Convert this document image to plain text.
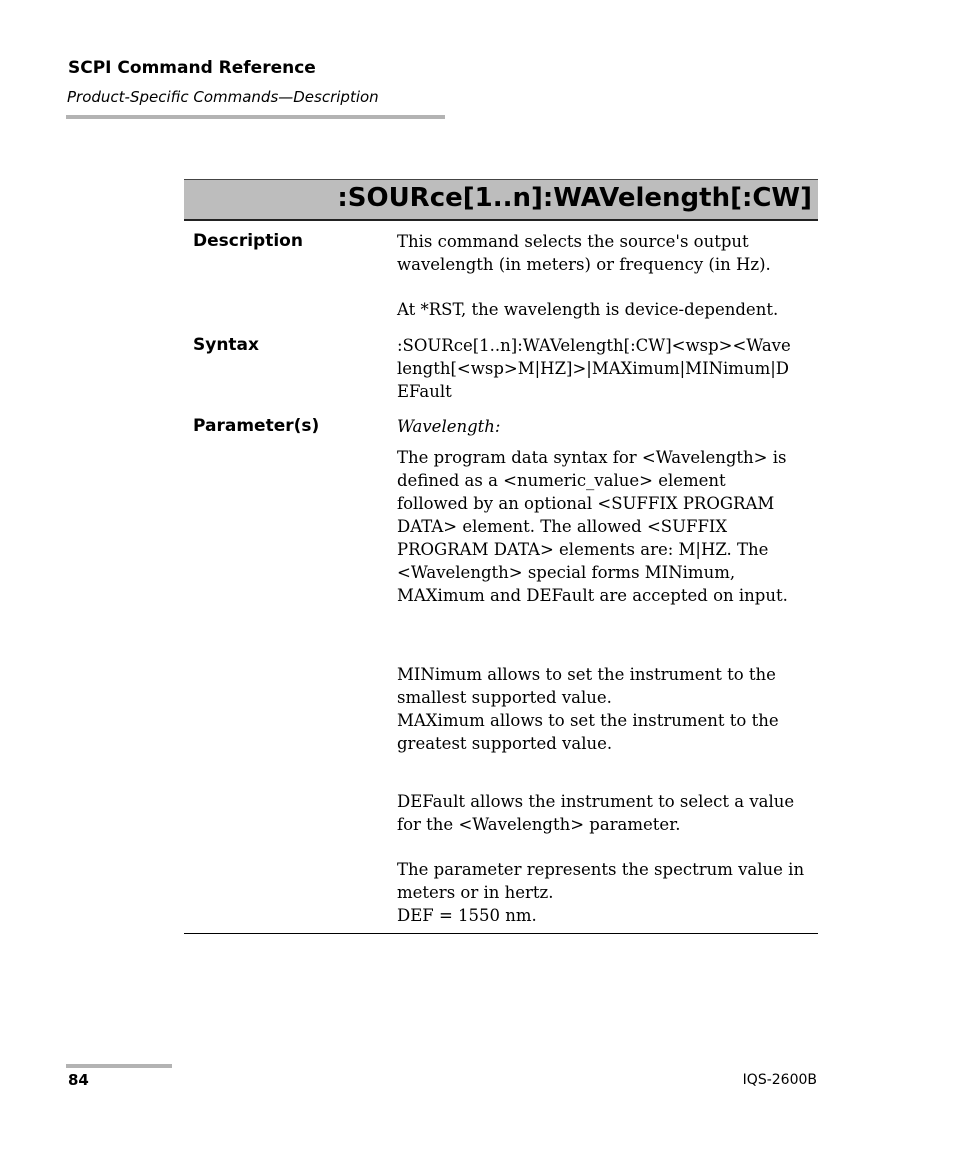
SCPI Command Reference
Product-Specific Commands—Description
:SOURce[1..n]:WAVelength[:CW]
Description	This command selects the source's output wavelength (in meters) or frequency (in Hz).
At *RST, the wavelength is device-dependent.
Syntax	:SOURce[1..n]:WAVelength[:CW]<wsp><Wave
length[<wsp>M|HZ]>|MAXimum|MINimum|D
EFault
Parameter(s)	Wavelength:
The program data syntax for <Wavelength> is defined as a <numeric_value> element followed by an optional <SUFFIX PROGRAM DATA> element. The allowed <SUFFIX PROGRAM DATA> elements are: M|HZ. The <Wavelength> special forms MINimum, MAXimum and DEFault are accepted on input.
MINimum allows to set the instrument to the smallest supported value.
MAXimum allows to set the instrument to the greatest supported value.
DEFault allows the instrument to select a value for the <Wavelength> parameter.
The parameter represents the spectrum value in meters or in hertz.
DEF = 1550 nm.
84	IQS-2600B
